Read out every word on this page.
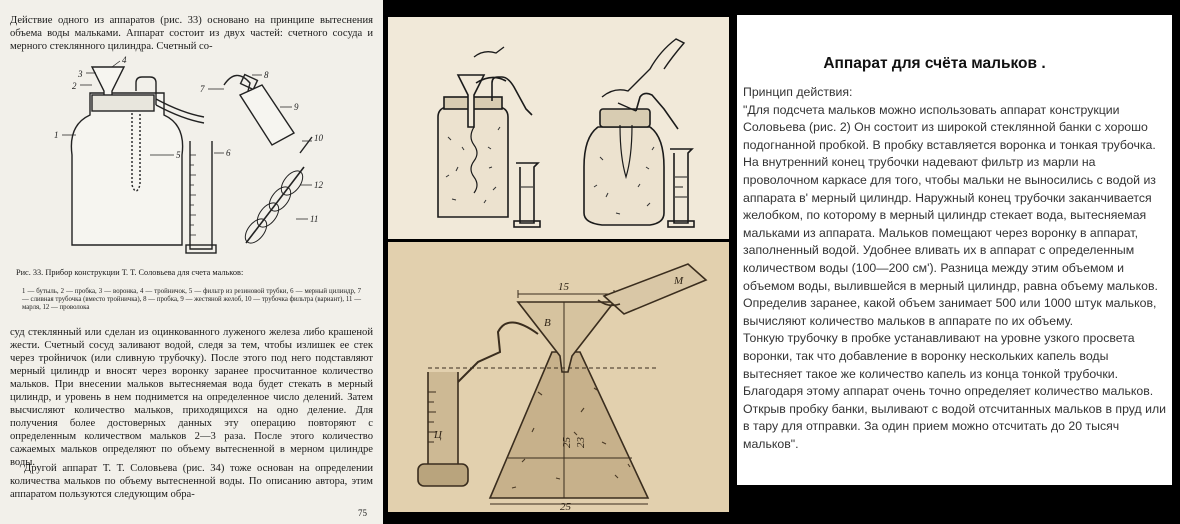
Действие одного из аппаратов (рис. 33) основано на принципе вытеснения объема воды мальками. Аппарат состоит из двух частей: счетного сосуда и мерного стеклянного цилиндра. Счетный со-
1
2
3
4
5	6
7
8
9
10
11
12
Рис. 33. Прибор конструкции Т. Т. Соловьева для счета мальков:
1 — бутыль, 2 — пробка, 3 — воронка, 4 — тройничок, 5 — фильтр из резиновой трубки, 6 — мерный цилиндр, 7 — сливная трубочка (вместо тройничка), 8 — пробка, 9 — жестяной желоб, 10 — трубочка фильтра (вариант), 11 — марля, 12 — проволока
суд стеклянный или сделан из оцинкованного луженого железа либо крашеной жести. Счетный сосуд заливают водой, следя за тем, чтобы излишек ее стек через тройничок (или сливную трубочку). После этого под него подставляют мерный цилиндр и вносят через воронку заранее просчитанное количество мальков. При внесении мальков вытесняемая вода будет стекать в мерный цилиндр, и уровень в нем поднимется на определенное число делений. Затем высчисляют количество мальков, приходящихся на одно деление. Для получения более достоверных данных эту операцию повторяют с определенным количеством мальков 2—3 раза. После этого количество сажаемых мальков определяют по объему вытесненной в мерном цилиндре воды.
Другой аппарат Т. Т. Соловьева (рис. 34) тоже основан на определении количества мальков по объему вытесненной воды. По описанию автора, этим аппаратом пользуются следующим обра-
75
15
В
М
Ц
25 23
25
Аппарат для счёта мальков .

Принцип действия:

"Для подсчета мальков можно использовать аппарат конструкции Соловьева (рис. 2) Он состоит из широкой стеклянной банки с хорошо подогнанной пробкой. В пробку вставляется воронка и тонкая трубочка. На внутренний конец трубочки надевают фильтр из марли на проволочном каркасе для того, чтобы мальки не выносились с водой из аппарата в' мерный цилиндр. Наружный конец трубочки заканчивается желобком, по которому в мерный цилиндр стекает вода, вытесняемая мальками из аппарата. Мальков помещают через воронку в аппарат, заполненный водой. Удобнее вливать их в аппарат с определенным количеством воды (100—200 см'). Разница между этим объемом и объемом воды, вылившейся в мерный цилиндр, равна объему мальков. Определив заранее, какой объем занимает 500 или 1000 штук мальков, вычисляют количество мальков в аппарате по их объему.

Тонкую трубочку в пробке устанавливают на уровне узкого просвета воронки, так что добавление в воронку нескольких капель воды вытесняет такое же количество капель из конца тонкой трубочки. Благодаря этому аппарат очень точно определяет количество мальков.

Открыв пробку банки, выливают с водой отсчитанных мальков в пруд или в тару для отправки. За один прием можно отсчитать до 20 тысяч мальков".
